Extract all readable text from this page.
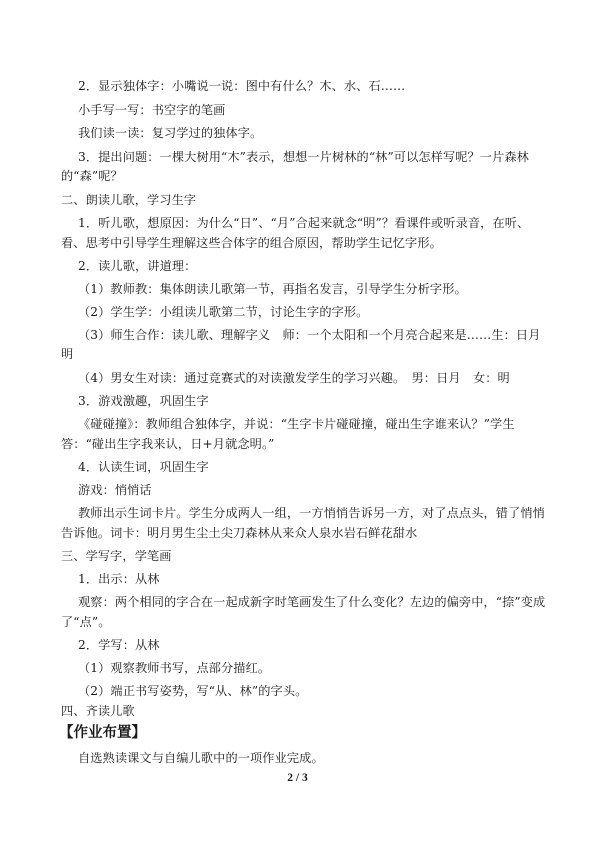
2．显示独体字：小嘴说一说：图中有什么？木、水、石……
小手写一写：书空字的笔画
我们读一读：复习学过的独体字。
3．提出问题：一棵大树用“木”表示，想想一片树林的“林”可以怎样写呢？一片森林
的“森”呢？
二、朗读儿歌，学习生字
1．听儿歌，想原因：为什么“日”、“月”合起来就念“明”？看课件或听录音，在听、
看、思考中引导学生理解这些合体字的组合原因，帮助学生记忆字形。
2．读儿歌，讲道理：
（1）教师教：集体朗读儿歌第一节，再指名发言，引导学生分析字形。
（2）学生学：小组读儿歌第二节，讨论生字的字形。
（3）师生合作：读儿歌、理解字义　师：一个太阳和一个月亮合起来是……生：日月
明
（4）男女生对读：通过竞赛式的对读激发学生的学习兴趣。　男：日月　女：明
3．游戏激趣，巩固生字
《碰碰撞》：教师组合独体字，并说：“生字卡片碰碰撞，碰出生字谁来认？”学生
答：“碰出生字我来认，日+月就念明。”
4．认读生词，巩固生字
游戏：悄悄话
教师出示生词卡片。学生分成两人一组，一方悄悄告诉另一方，对了点点头，错了悄悄
告诉他。词卡：明月男生尘土尖刀森林从来众人泉水岩石鲜花甜水
三、学写字，学笔画
1．出示：从林
观察：两个相同的字合在一起成新字时笔画发生了什么变化？左边的偏旁中，“捺”变成
了“点”。
2．学写：从林
（1）观察教师书写，点部分描红。
（2）端正书写姿势，写“从、林”的字头。
四、齐读儿歌
【作业布置】
自选熟读课文与自编儿歌中的一项作业完成。
2 / 3
